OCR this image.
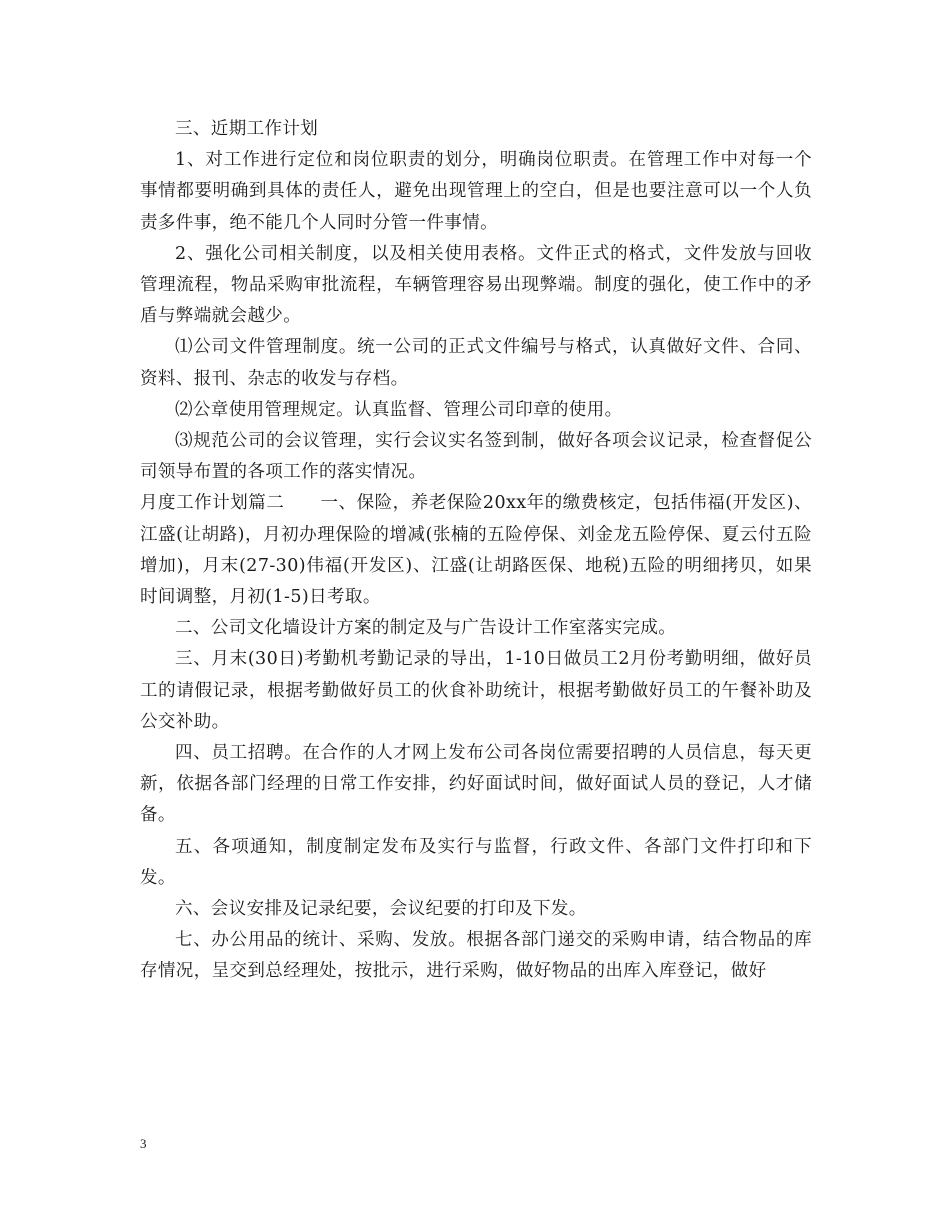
三、近期工作计划

1、对工作进行定位和岗位职责的划分，明确岗位职责。在管理工作中对每一个事情都要明确到具体的责任人，避免出现管理上的空白，但是也要注意可以一个人负责多件事，绝不能几个人同时分管一件事情。

2、强化公司相关制度，以及相关使用表格。文件正式的格式，文件发放与回收管理流程，物品采购审批流程，车辆管理容易出现弊端。制度的强化，使工作中的矛盾与弊端就会越少。

⑴公司文件管理制度。统一公司的正式文件编号与格式，认真做好文件、合同、资料、报刊、杂志的收发与存档。

⑵公章使用管理规定。认真监督、管理公司印章的使用。

⑶规范公司的会议管理，实行会议实名签到制，做好各项会议记录，检查督促公司领导布置的各项工作的落实情况。

月度工作计划篇二　　一、保险，养老保险20xx年的缴费核定，包括伟福(开发区)、江盛(让胡路)，月初办理保险的增减(张楠的五险停保、刘金龙五险停保、夏云付五险增加)，月末(27-30)伟福(开发区)、江盛(让胡路医保、地税)五险的明细拷贝，如果时间调整，月初(1-5)日考取。

二、公司文化墙设计方案的制定及与广告设计工作室落实完成。

三、月末(30日)考勤机考勤记录的导出，1-10日做员工2月份考勤明细，做好员工的请假记录，根据考勤做好员工的伙食补助统计，根据考勤做好员工的午餐补助及公交补助。

四、员工招聘。在合作的人才网上发布公司各岗位需要招聘的人员信息，每天更新，依据各部门经理的日常工作安排，约好面试时间，做好面试人员的登记，人才储备。

五、各项通知，制度制定发布及实行与监督，行政文件、各部门文件打印和下发。

六、会议安排及记录纪要，会议纪要的打印及下发。

七、办公用品的统计、采购、发放。根据各部门递交的采购申请，结合物品的库存情况，呈交到总经理处，按批示，进行采购，做好物品的出库入库登记，做好

3
